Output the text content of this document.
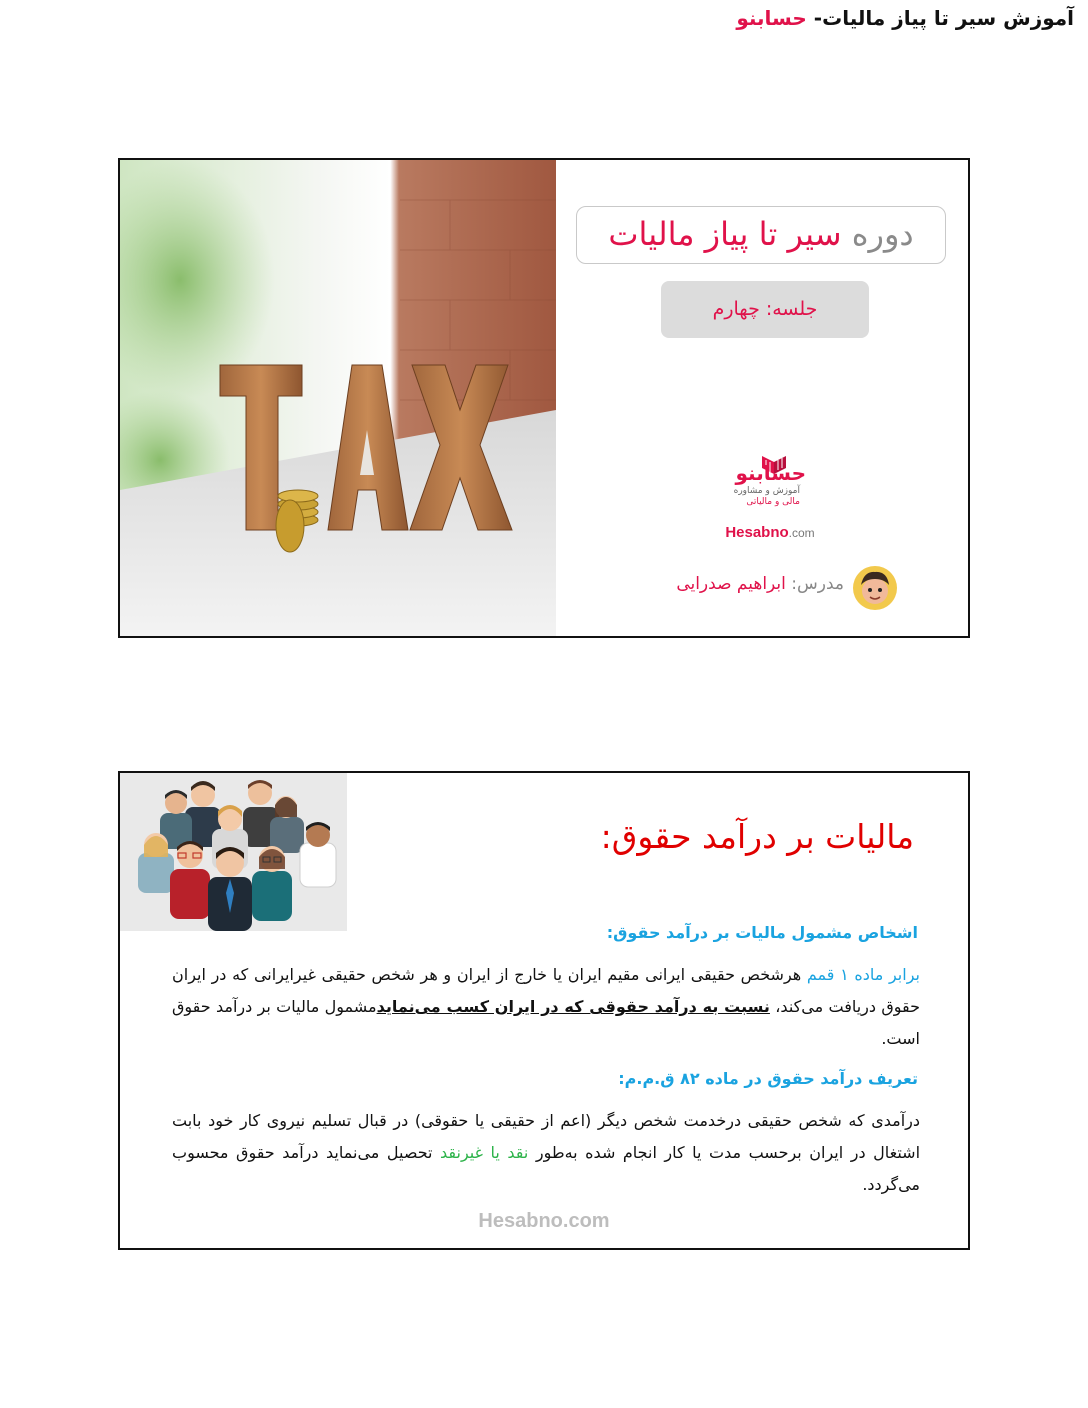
آموزش سیر تا پیاز مالیات- حسابنو
TAX
دوره سیر تا پیاز مالیات
جلسه: چهارم
حسابنو
آموزش و مشاوره
مالی و مالیاتی
Hesabno.com
مدرس: ابراهیم صدرایی
مالیات بر درآمد حقوق:
اشخاص مشمول مالیات بر درآمد حقوق:
برابر ماده ۱ قمم هرشخص حقیقی ایرانی مقیم ایران یا خارج از ایران و هر شخص حقیقی غیرایرانی که در ایران حقوق دریافت می‌کند، نسبت به درآمد حقوقی که در ایران کسب می‌نمایدمشمول مالیات بر درآمد حقوق است.
تعریف درآمد حقوق در ماده ۸۲ ق.م.م:
درآمدی که شخص حقیقی درخدمت شخص دیگر (اعم از حقیقی یا حقوقی) در قبال تسلیم نیروی کار خود بابت اشتغال در ایران برحسب مدت یا کار انجام شده به‌طور نقد یا غیرنقد تحصیل می‌نماید درآمد حقوق محسوب می‌گردد.
Hesabno.com
